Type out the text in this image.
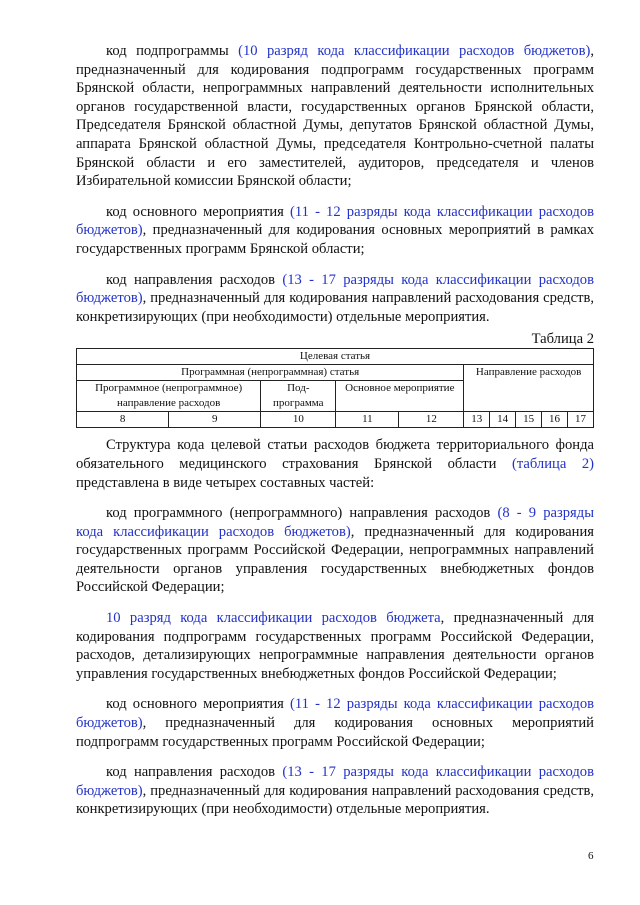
код подпрограммы (10 разряд кода классификации расходов бюджетов), предназначенный для кодирования подпрограмм государственных программ Брянской области, непрограммных направлений деятельности исполнительных органов государственной власти, государственных органов Брянской области, Председателя Брянской областной Думы, депутатов Брянской областной Думы, аппарата Брянской областной Думы, председателя Контрольно-счетной палаты Брянской области и его заместителей, аудиторов, председателя и членов Избирательной комиссии Брянской области;

код основного мероприятия (11 - 12 разряды кода классификации расходов бюджетов), предназначенный для кодирования основных мероприятий в рамках государственных программ Брянской области;

код направления расходов (13 - 17 разряды кода классификации расходов бюджетов), предназначенный для кодирования направлений расходования средств, конкретизирующих (при необходимости) отдельные мероприятия.

Таблица 2
Целевая статья									
Программная (непрограммная) статья					Направление расходов				
Программное (непрограммное) направление расходов		Под-программа	Основное мероприятие						
8	9	10	11	12	13	14	15	16	17

Структура кода целевой статьи расходов бюджета территориального фонда обязательного медицинского страхования Брянской области (таблица 2) представлена в виде четырех составных частей:

код программного (непрограммного) направления расходов (8 - 9 разряды кода классификации расходов бюджетов), предназначенный для кодирования государственных программ Российской Федерации, непрограммных направлений деятельности органов управления государственных внебюджетных фондов Российской Федерации;

10 разряд кода классификации расходов бюджета, предназначенный для кодирования подпрограмм государственных программ Российской Федерации, расходов, детализирующих непрограммные направления деятельности органов управления государственных внебюджетных фондов Российской Федерации;

код основного мероприятия (11 - 12 разряды кода классификации расходов бюджетов), предназначенный для кодирования основных мероприятий подпрограмм государственных программ Российской Федерации;

код направления расходов (13 - 17 разряды кода классификации расходов бюджетов), предназначенный для кодирования направлений расходования средств, конкретизирующих (при необходимости) отдельные мероприятия.

6
